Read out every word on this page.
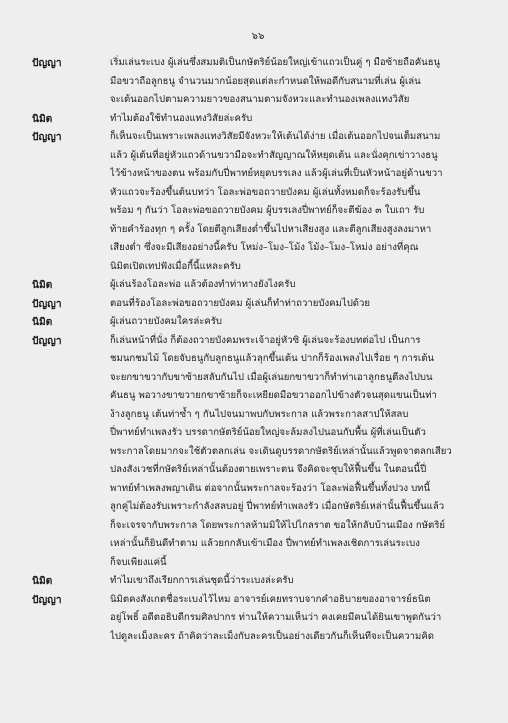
๖๖
ปัญญา	เริ่มเล่นระเบง ผู้เล่นซึ่งสมมติเป็นกษัตริย์น้อยใหญ่เข้าแถวเป็นคู่ ๆ มือซ้ายถือคันธนู
มือขวาถือลูกธนู จำนวนมากน้อยสุดแต่ละกำหนดให้พอดีกับสนามที่เล่น ผู้เล่น
จะเต้นออกไปตามความยาวของสนามตามจังหวะและทำนองเพลงแทงวิสัย
นิมิต	ทำไมต้องใช้ทำนองแทงวิสัยล่ะครับ
ปัญญา	ก็เห็นจะเป็นเพราะเพลงแทงวิสัยมีจังหวะให้เต้นได้ง่าย เมื่อเต้นออกไปจนเต็มสนาม
แล้ว ผู้เต้นที่อยู่หัวแถวด้านขวามือจะทำสัญญาณให้หยุดเต้น และนั่งคุกเข่าวางธนู
ไว้ข้างหน้าของตน พร้อมกับปี่พาทย์หยุดบรรเลง แล้วผู้เล่นที่เป็นหัวหน้าอยู่ด้านขวา
หัวแถวจะร้องขึ้นต้นบทว่า โอละพ่อขอถวายบังคม ผู้เล่นทั้งหมดก็จะร้องรับขึ้น
พร้อม ๆ กันว่า โอละพ่อขอถวายบังคม ผู้บรรเลงปี่พาทย์ก็จะตีฆ้อง ๓ ใบเถา รับ
ท้ายคำร้องทุก ๆ ครั้ง โดยตีลูกเสียงต่ำขึ้นไปหาเสียงสูง และตีลูกเสียงสูงลงมาหา
เสียงต่ำ ซึ่งจะมีเสียงอย่างนี้ครับ โหม่ง–โมง–โม้ง โม้ง–โมง–โหม่ง อย่างที่คุณ
นิมิตเปิดเทปฟังเมื่อกี้นี้แหละครับ
นิมิต	ผู้เล่นร้องโอละพ่อ แล้วต้องทำท่าทางยังไงครับ
ปัญญา	ตอนที่ร้องโอละพ่อขอถวายบังคม ผู้เล่นก็ทำท่าถวายบังคมไปด้วย
นิมิต	ผู้เล่นถวายบังคมใครล่ะครับ
ปัญญา	ก็เล่นหน้าที่นั่ง ก็ต้องถวายบังคมพระเจ้าอยู่หัวซิ ผู้เล่นจะร้องบทต่อไป เป็นการ
ชมนกชมไม้ โดยจับธนูกับลูกธนูแล้วลุกขึ้นเต้น ปากก็ร้องเพลงไปเรื่อย ๆ การเต้น
จะยกขาขวากับขาซ้ายสลับกันไป เมื่อผู้เล่นยกขาขวาก็ทำท่าเอาลูกธนูตีลงไปบน
คันธนู พอวางขาขวายกขาซ้ายก็จะเหยียดมือขวาออกไปข้างตัวจนสุดแขนเป็นท่า
ง้างลูกธนู เต้นท่าซ้ำ ๆ กันไปจนมาพบกับพระกาล แล้วพระกาลสาปให้สลบ
ปี่พาทย์ทำเพลงรัว บรรดากษัตริย์น้อยใหญ่จะล้มลงไปนอนกับพื้น ผู้ที่เล่นเป็นตัว
พระกาลโดยมากจะใช้ตัวตลกเล่น จะเดินดูบรรดากษัตริย์เหล่านั้นแล้วพูดจาตลกเสียว
ปลงสังเวชที่กษัตริย์เหล่านั้นต้องตายเพราะตน จึงคิดจะชุบให้ฟื้นขึ้น ในตอนนี้ปี่
พาทย์ทำเพลงพญาเดิน ต่อจากนั้นพระกาลจะร้องว่า โอละพ่อฟื้นขึ้นทั้งปวง บทนี้
ลูกคู่ไม่ต้องรับเพราะกำลังสลบอยู่ ปี่พาทย์ทำเพลงรัว เมื่อกษัตริย์เหล่านั้นฟื้นขึ้นแล้ว
ก็จะเจรจากับพระกาล โดยพระกาลห้ามมิให้ไปไกลราต ขอให้กลับบ้านเมือง กษัตริย์
เหล่านั้นก็ยินดีทำตาม แล้วยกกลับเข้าเมือง ปี่พาทย์ทำเพลงเชิดการเล่นระเบง
ก็จบเพียงแค่นี้
นิมิต	ทำไมเขาถึงเรียกการเล่นชุดนี้ว่าระเบงล่ะครับ
ปัญญา	นิมิตคงสังเกตชื่อระเบงไว้ไหม อาจารย์เคยทราบจากคำอธิบายของอาจารย์ธนิต
อยู่โพธิ์ อดีตอธิบดีกรมศิลปากร ท่านให้ความเห็นว่า คงเคยมีคนได้ยินเขาพูดกันว่า
ไปดูละเม็งละคร ถ้าคิดว่าละเม็งกับละครเป็นอย่างเดียวกันก็เห็นทีจะเป็นความคิด
